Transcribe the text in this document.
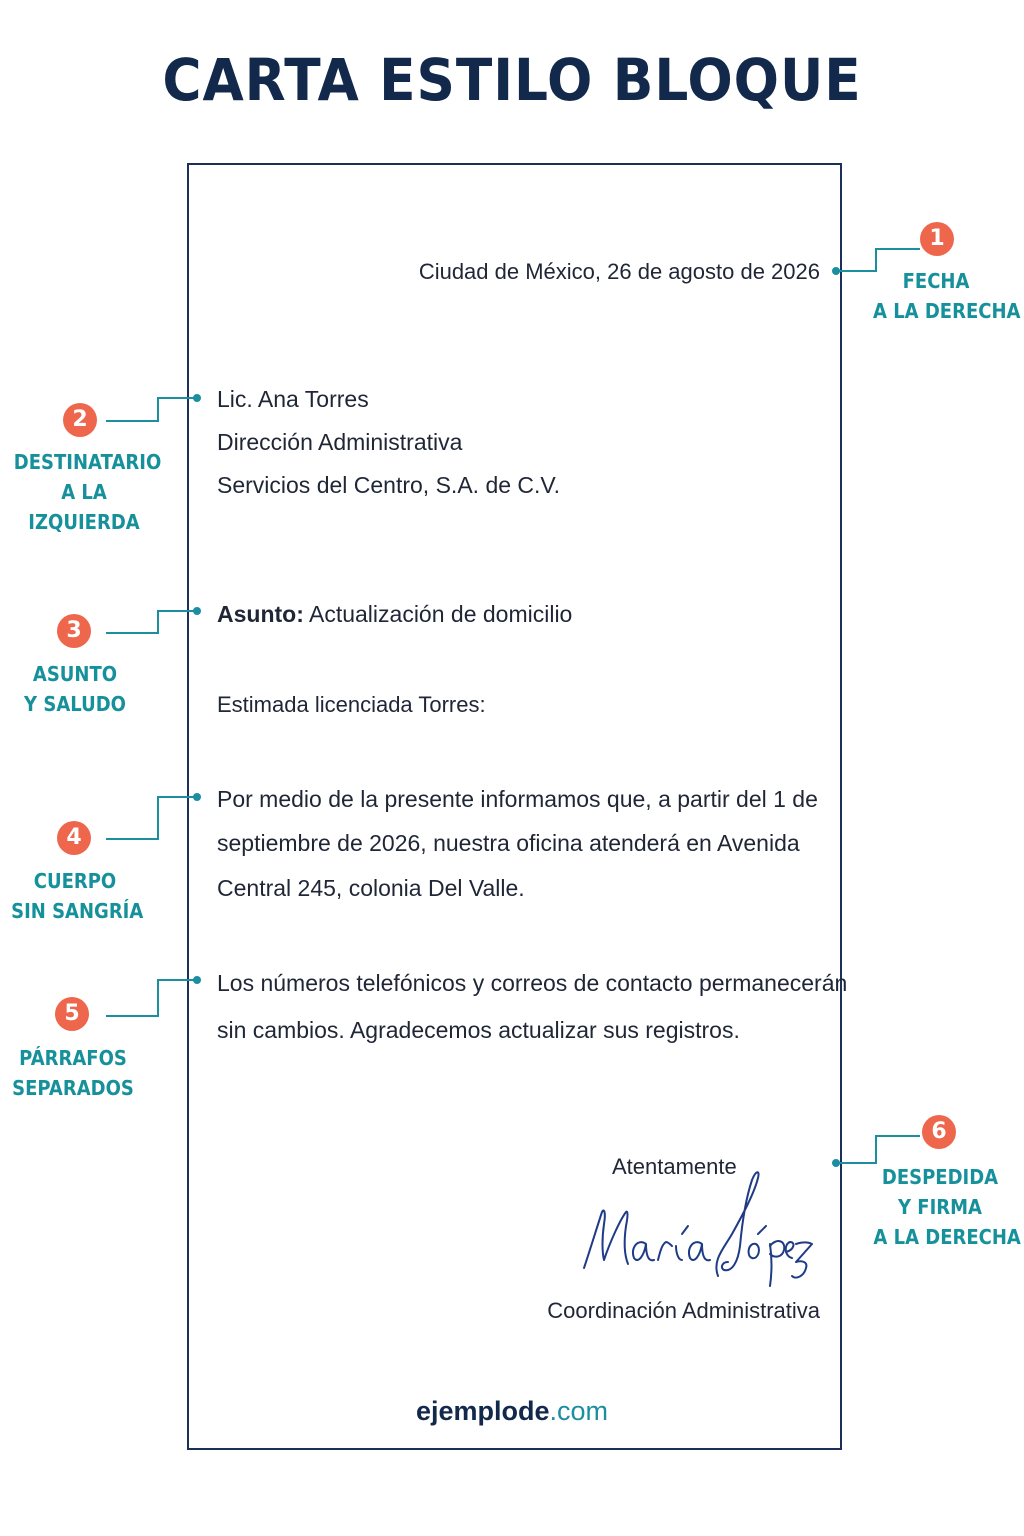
CARTA ESTILO BLOQUE
Ciudad de México, 26 de agosto de 2026
Lic. Ana Torres
Dirección Administrativa
Servicios del Centro, S.A. de C.V.
Asunto: Actualización de domicilio
Estimada licenciada Torres:
Por medio de la presente informamos que, a partir del 1 de
septiembre de 2026, nuestra oficina atenderá en Avenida
Central 245, colonia Del Valle.
Los números telefónicos y correos de contacto permanecerán
sin cambios. Agradecemos actualizar sus registros.
Atentamente
Coordinación Administrativa
ejemplode.com
1
FECHA
A LA DERECHA
2
DESTINATARIO
A LA
IZQUIERDA
3
ASUNTO
Y SALUDO
4
CUERPO
SIN SANGRÍA
5
PÁRRAFOS
SEPARADOS
6
DESPEDIDA
Y FIRMA
A LA DERECHA
